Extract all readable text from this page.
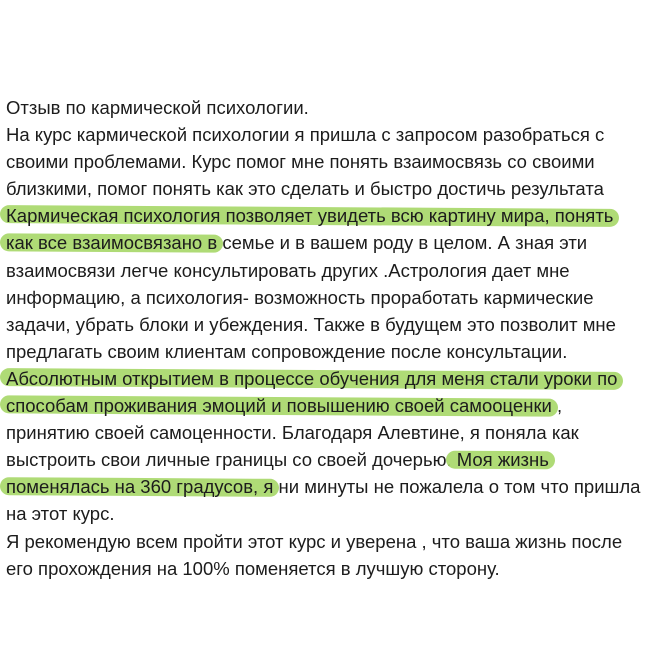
Отзыв по кармической психологии.
На курс кармической психологии я пришла с запросом разобраться с
своими проблемами. Курс помог мне понять взаимосвязь со своими
близкими, помог понять как это сделать и быстро достичь результата
Кармическая психология позволяет увидеть всю картину мира, понять
как все взаимосвязано в семье и в вашем роду в целом. А зная эти
взаимосвязи легче консультировать других .Астрология дает мне
информацию, а психология- возможность проработать кармические
задачи, убрать блоки и убеждения. Также в будущем это позволит мне
предлагать своим клиентам сопровождение после консультации.
Абсолютным открытием в процессе обучения для меня стали уроки по
способам проживания эмоций и повышению своей самооценки ,
принятию своей самоценности. Благодаря Алевтине, я поняла как
выстроить свои личные границы со своей дочерью. Моя жизнь
поменялась на 360 градусов, я ни минуты не пожалела о том что пришла
на этот курс.
Я рекомендую всем пройти этот курс и уверена , что ваша жизнь после
его прохождения на 100% поменяется в лучшую сторону.
